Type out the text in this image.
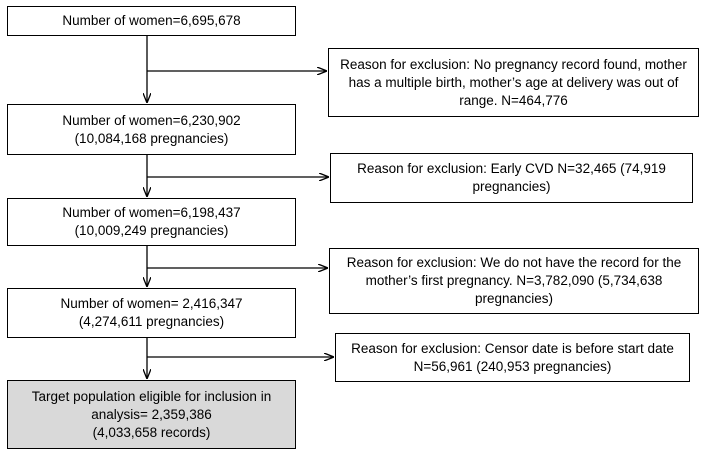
Number of women=6,695,678
Number of women=6,230,902
(10,084,168 pregnancies)
Number of women=6,198,437
(10,009,249 pregnancies)
Number of women= 2,416,347
(4,274,611 pregnancies)
Target population eligible for inclusion in
analysis= 2,359,386
(4,033,658 records)
Reason for exclusion: No pregnancy record found, mother
has a multiple birth, mother’s age at delivery was out of
range. N=464,776
Reason for exclusion: Early CVD N=32,465 (74,919
pregnancies)
Reason for exclusion: We do not have the record for the
mother’s first pregnancy. N=3,782,090 (5,734,638
pregnancies)
Reason for exclusion: Censor date is before start date
N=56,961 (240,953 pregnancies)
